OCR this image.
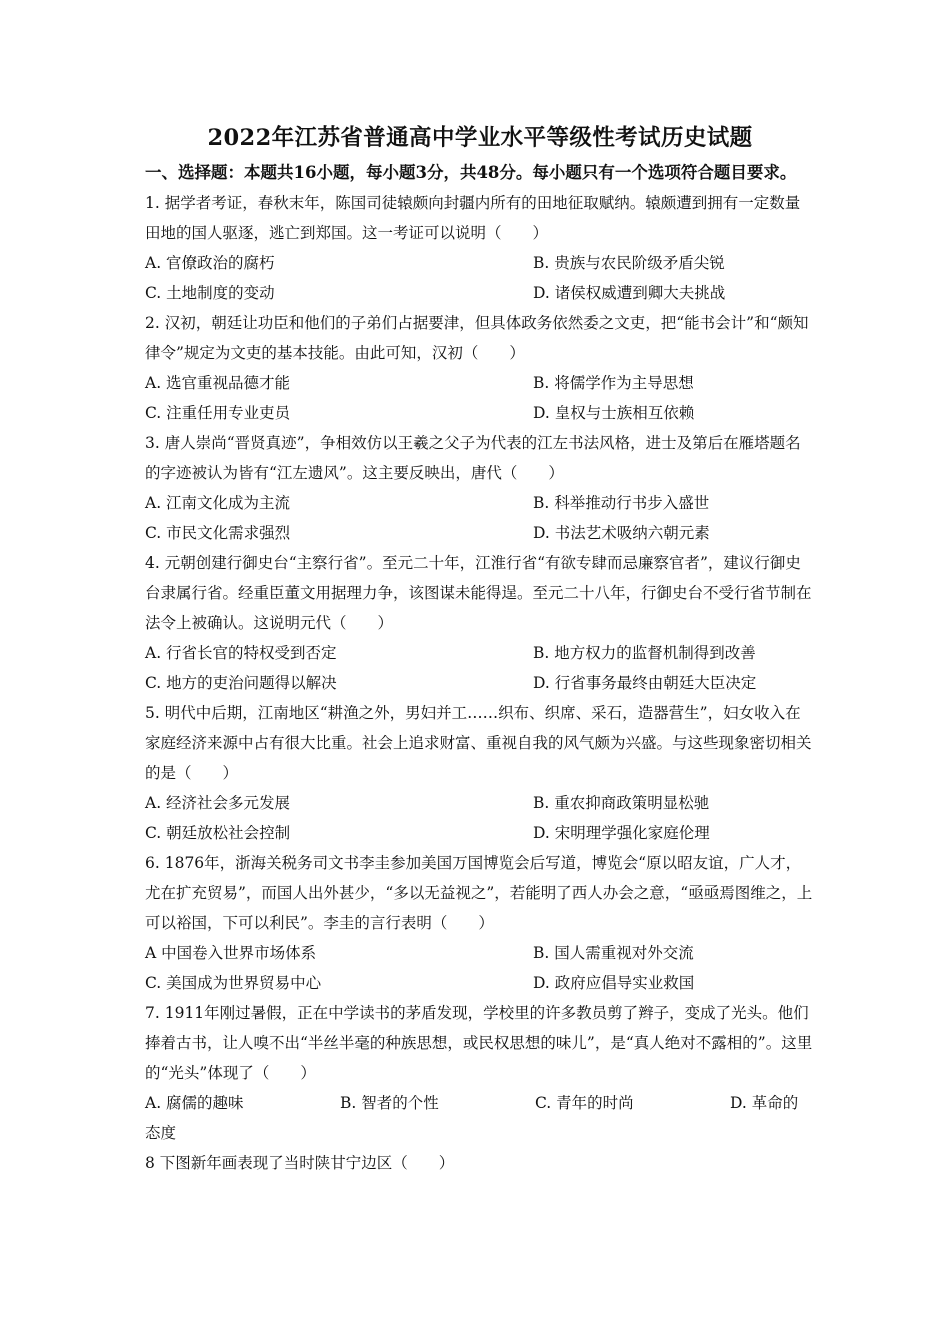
2022年江苏省普通高中学业水平等级性考试历史试题
一、选择题：本题共16小题，每小题3分，共48分。每小题只有一个选项符合题目要求。
1. 据学者考证，春秋末年，陈国司徒辕颇向封疆内所有的田地征取赋纳。辕颇遭到拥有一定数量田地的国人驱逐，逃亡到郑国。这一考证可以说明（　　）
A. 官僚政治的腐朽	B. 贵族与农民阶级矛盾尖锐
C. 土地制度的变动	D. 诸侯权威遭到卿大夫挑战
2. 汉初，朝廷让功臣和他们的子弟们占据要津，但具体政务依然委之文吏，把“能书会计”和“颇知律令”规定为文吏的基本技能。由此可知，汉初（　　）
A. 选官重视品德才能	B. 将儒学作为主导思想
C. 注重任用专业吏员	D. 皇权与士族相互依赖
3. 唐人崇尚“晋贤真迹”，争相效仿以王羲之父子为代表的江左书法风格，进士及第后在雁塔题名的字迹被认为皆有“江左遗风”。这主要反映出，唐代（　　）
A. 江南文化成为主流	B. 科举推动行书步入盛世
C. 市民文化需求强烈	D. 书法艺术吸纳六朝元素
4. 元朝创建行御史台“主察行省”。至元二十年，江淮行省“有欲专肆而忌廉察官者”，建议行御史台隶属行省。经重臣董文用据理力争，该图谋未能得逞。至元二十八年，行御史台不受行省节制在法令上被确认。这说明元代（　　）
A. 行省长官的特权受到否定	B. 地方权力的监督机制得到改善
C. 地方的吏治问题得以解决	D. 行省事务最终由朝廷大臣决定
5. 明代中后期，江南地区“耕渔之外，男妇并工……织布、织席、采石，造器营生”，妇女收入在家庭经济来源中占有很大比重。社会上追求财富、重视自我的风气颇为兴盛。与这些现象密切相关的是（　　）
A. 经济社会多元发展	B. 重农抑商政策明显松驰
C. 朝廷放松社会控制	D. 宋明理学强化家庭伦理
6. 1876年，浙海关税务司文书李圭参加美国万国博览会后写道，博览会“原以昭友谊，广人才，尤在扩充贸易”，而国人出外甚少，“多以无益视之”，若能明了西人办会之意，“亟亟焉图维之，上可以裕国，下可以利民”。李圭的言行表明（　　）
A 中国卷入世界市场体系	B. 国人需重视对外交流
C. 美国成为世界贸易中心	D. 政府应倡导实业救国
7. 1911年刚过暑假，正在中学读书的茅盾发现，学校里的许多教员剪了辫子，变成了光头。他们捧着古书，让人嗅不出“半丝半毫的种族思想，或民权思想的味儿”，是“真人绝对不露相的”。这里的“光头”体现了（　　）
A. 腐儒的趣味	B. 智者的个性	C. 青年的时尚	D. 革命的
态度
8 下图新年画表现了当时陕甘宁边区（　　）
